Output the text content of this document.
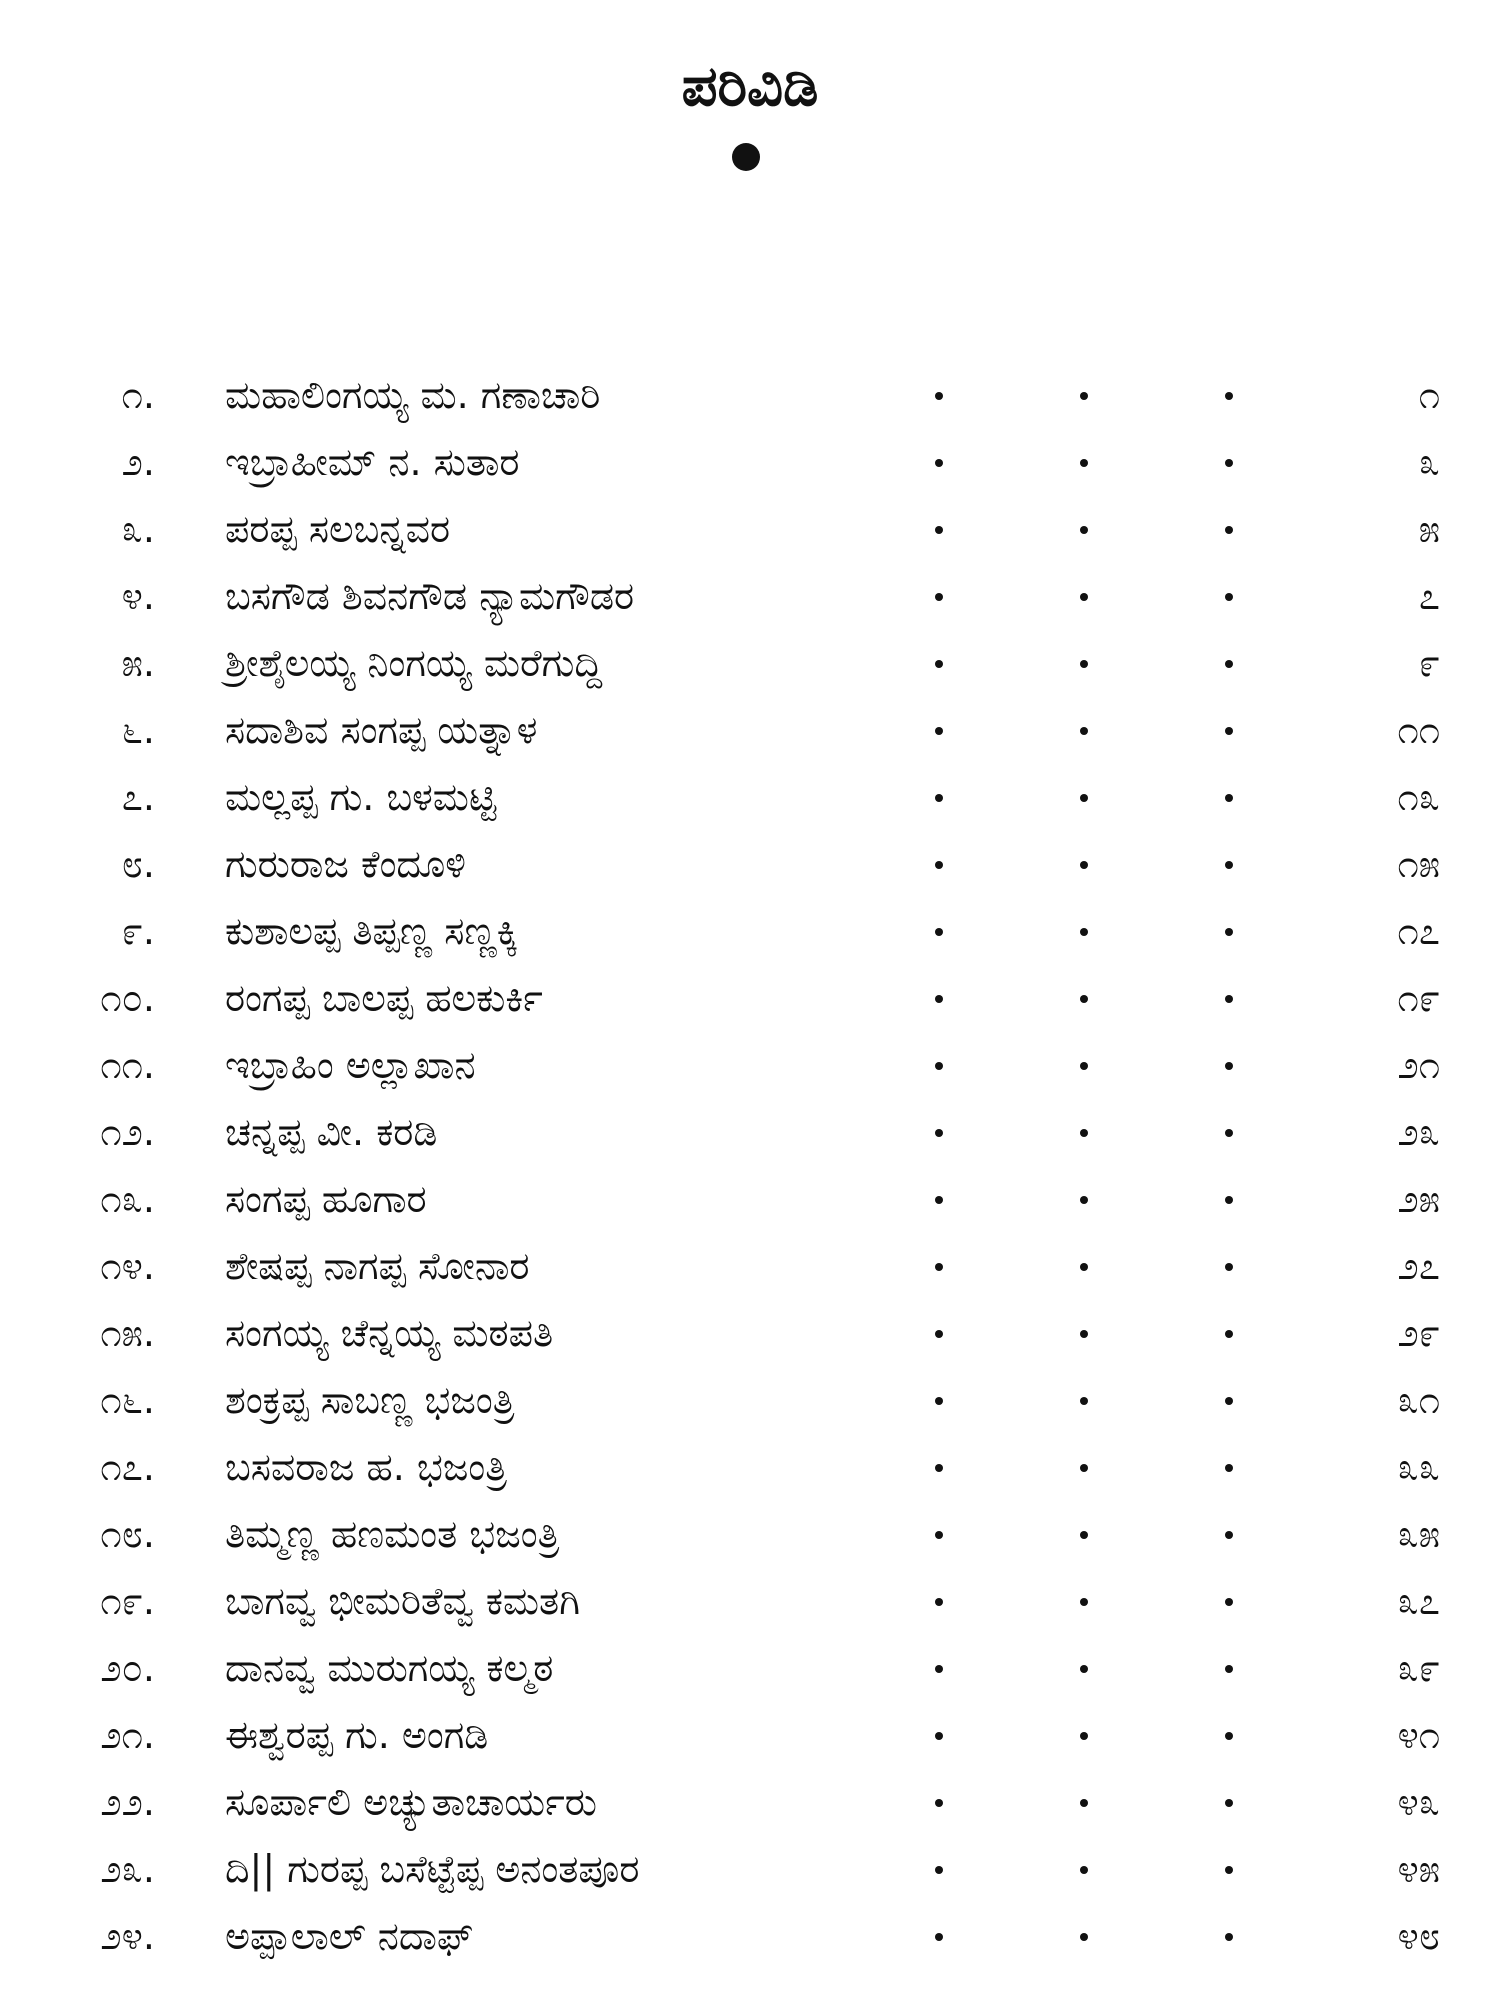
ಪರಿವಿಡಿ
೧. ಮಹಾಲಿಂಗಯ್ಯ ಮ. ಗಣಾಚಾರಿ	೧
೨. ಇಬ್ರಾಹೀಮ್ ನ. ಸುತಾರ	೩
೩. ಪರಪ್ಪ ಸಲಬನ್ನವರ	೫
೪. ಬಸಗೌಡ ಶಿವನಗೌಡ ನ್ಯಾಮಗೌಡರ	೭
೫. ಶ್ರೀಶೈಲಯ್ಯ ನಿಂಗಯ್ಯ ಮರೆಗುದ್ದಿ	೯
೬. ಸದಾಶಿವ ಸಂಗಪ್ಪ ಯತ್ನಾಳ	೧೧
೭. ಮಲ್ಲಪ್ಪ ಗು. ಬಳಮಟ್ಟಿ	೧೩
೮. ಗುರುರಾಜ ಕೆಂದೂಳಿ	೧೫
೯. ಕುಶಾಲಪ್ಪ ತಿಪ್ಪಣ್ಣ ಸಣ್ಣಕ್ಕಿ	೧೭
೧೦. ರಂಗಪ್ಪ ಬಾಲಪ್ಪ ಹಲಕುರ್ಕಿ	೧೯
೧೧. ಇಬ್ರಾಹಿಂ ಅಲ್ಲಾಖಾನ	೨೧
೧೨. ಚನ್ನಪ್ಪ ವೀ. ಕರಡಿ	೨೩
೧೩. ಸಂಗಪ್ಪ ಹೂಗಾರ	೨೫
೧೪. ಶೇಷಪ್ಪ ನಾಗಪ್ಪ ಸೋನಾರ	೨೭
೧೫. ಸಂಗಯ್ಯ ಚೆನ್ನಯ್ಯ ಮಠಪತಿ	೨೯
೧೬. ಶಂಕ್ರಪ್ಪ ಸಾಬಣ್ಣ ಭಜಂತ್ರಿ	೩೧
೧೭. ಬಸವರಾಜ ಹ. ಭಜಂತ್ರಿ	೩೩
೧೮. ತಿಮ್ಮಣ್ಣ ಹಣಮಂತ ಭಜಂತ್ರಿ	೩೫
೧೯. ಬಾಗವ್ವ ಭೀಮರಿತೆವ್ವ ಕಮತಗಿ	೩೭
೨೦. ದಾನವ್ವ ಮುರುಗಯ್ಯ ಕಲ್ಮಠ	೩೯
೨೧. ಈಶ್ವರಪ್ಪ ಗು. ಅಂಗಡಿ	೪೧
೨೨. ಸೂರ್ಪಾಲಿ ಅಚ್ಯುತಾಚಾರ್ಯರು	೪೩
೨೩. ದಿ|| ಗುರಪ್ಪ ಬಸೆಟ್ಟೆಪ್ಪ ಅನಂತಪೂರ	೪೫
೨೪. ಅಪ್ಪಾಲಾಲ್ ನದಾಫ್	೪೮
